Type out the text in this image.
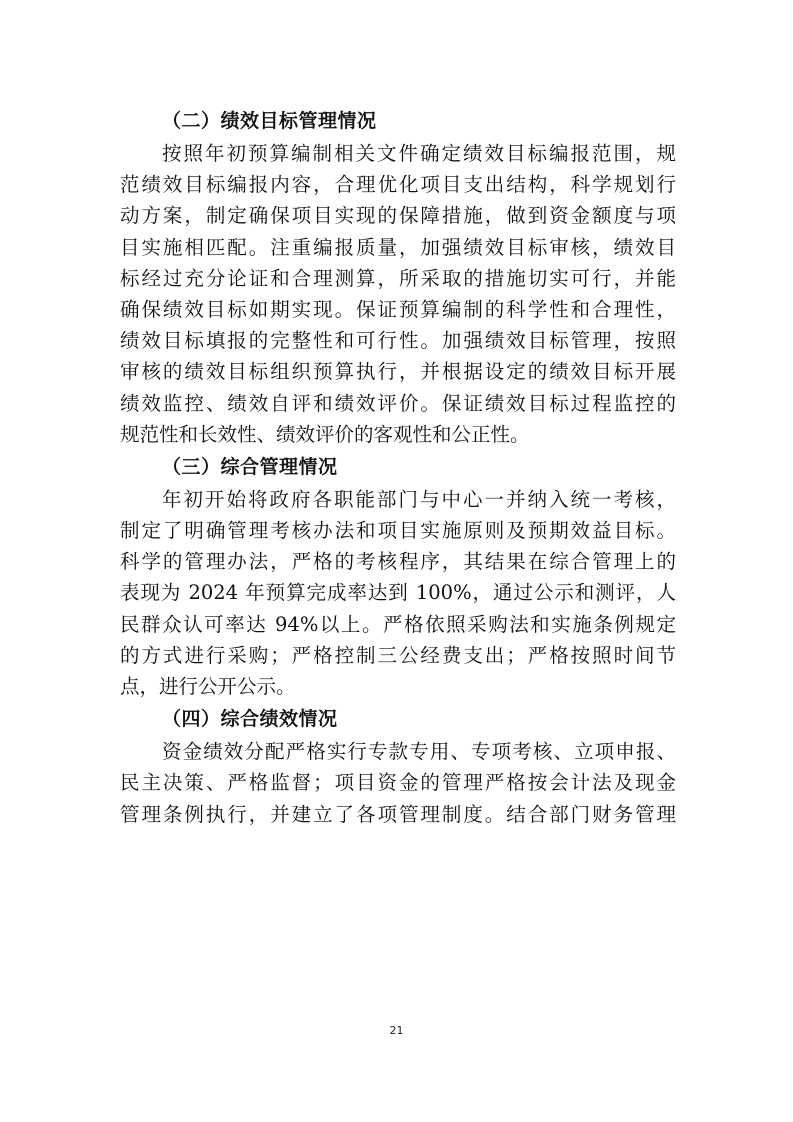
（二）绩效目标管理情况
按照年初预算编制相关文件确定绩效目标编报范围，规
范绩效目标编报内容，合理优化项目支出结构，科学规划行
动方案，制定确保项目实现的保障措施，做到资金额度与项
目实施相匹配。注重编报质量，加强绩效目标审核，绩效目
标经过充分论证和合理测算，所采取的措施切实可行，并能
确保绩效目标如期实现。保证预算编制的科学性和合理性，
绩效目标填报的完整性和可行性。加强绩效目标管理，按照
审核的绩效目标组织预算执行，并根据设定的绩效目标开展
绩效监控、绩效自评和绩效评价。保证绩效目标过程监控的
规范性和长效性、绩效评价的客观性和公正性。
（三）综合管理情况
年初开始将政府各职能部门与中心一并纳入统一考核，
制定了明确管理考核办法和项目实施原则及预期效益目标。
科学的管理办法，严格的考核程序，其结果在综合管理上的
表现为 2024 年预算完成率达到 100%，通过公示和测评，人
民群众认可率达 94%以上。严格依照采购法和实施条例规定
的方式进行采购；严格控制三公经费支出；严格按照时间节
点，进行公开公示。
（四）综合绩效情况
资金绩效分配严格实行专款专用、专项考核、立项申报、
民主决策、严格监督；项目资金的管理严格按会计法及现金
管理条例执行，并建立了各项管理制度。结合部门财务管理
21
